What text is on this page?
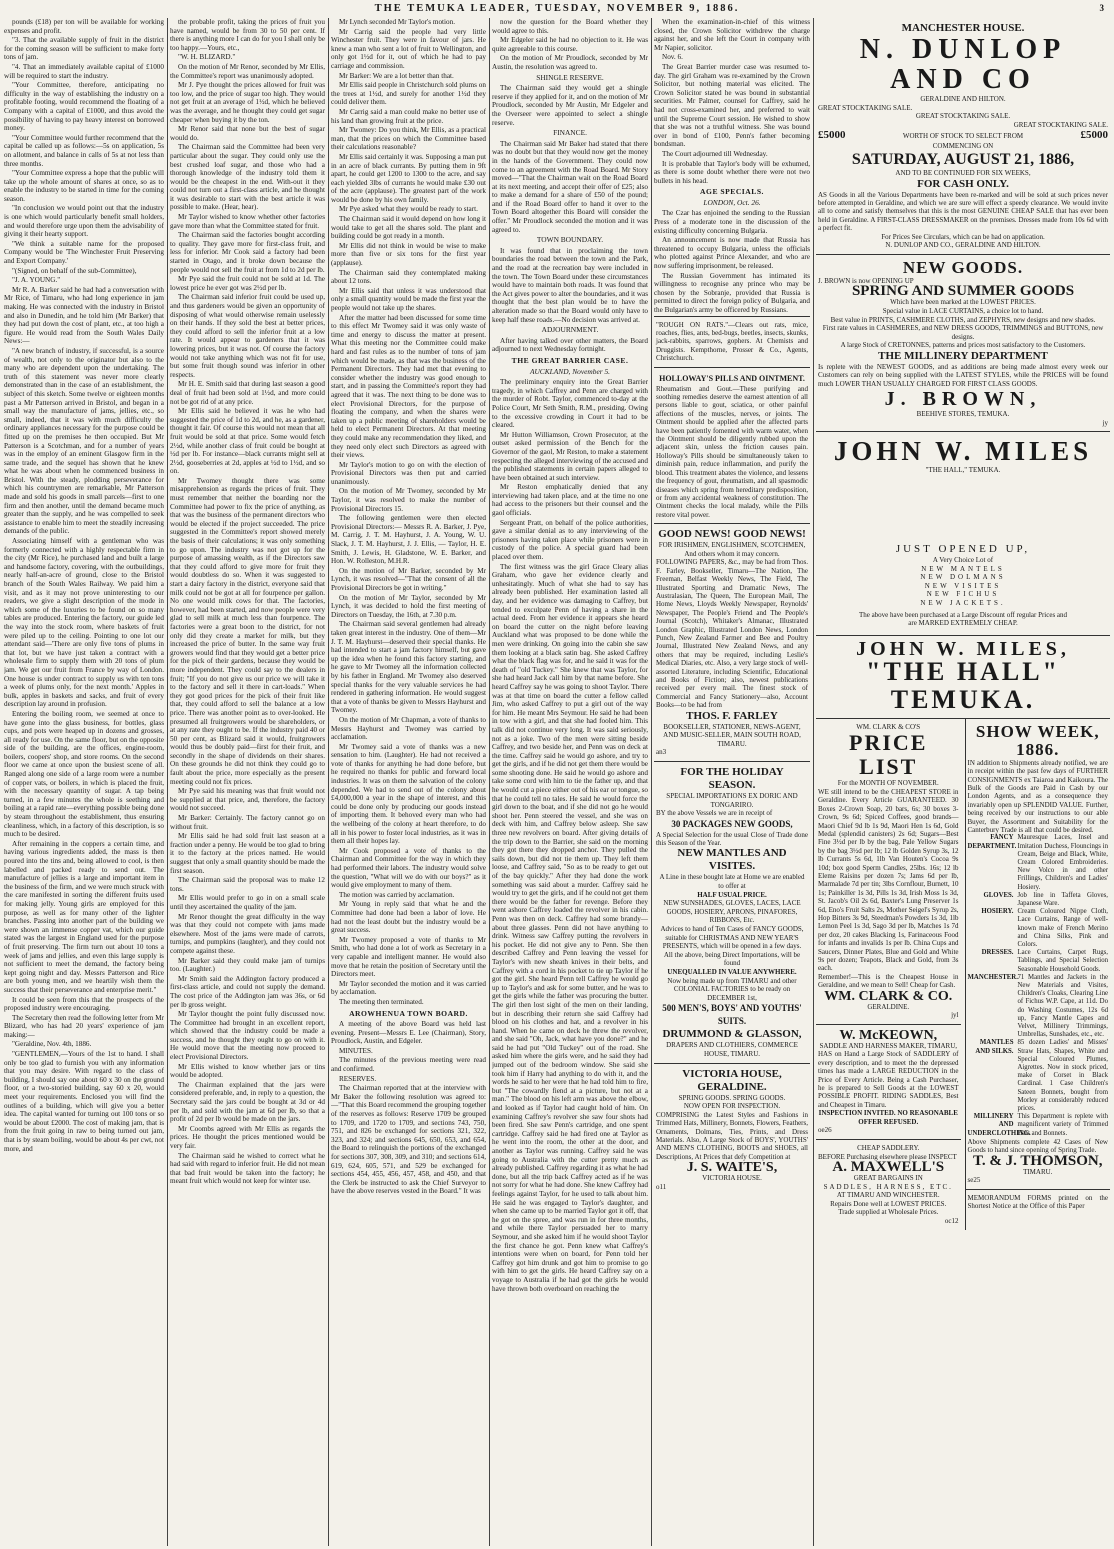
THE TEMUKA LEADER, TUESDAY, NOVEMBER 9, 1886.	3

pounds (£18) per ton will be available for working expenses and profit.

"3. That the available supply of fruit in the district for the coming season will be sufficient to make forty tons of jam.

"4. That an immediately available capital of £1000 will be required to start the industry.

"Your Committee, therefore, anticipating no difficulty in the way of establishing the industry on a profitable footing, would recommend the floating of a Company with a capital of £1000, and thus avoid the possibility of having to pay heavy interest on borrowed money.

"Your Committee would further recommend that the capital be called up as follows:—5s on application, 5s on allotment, and balance in calls of 5s at not less than three months.

"Your Committee express a hope that the public will take up the whole amount of shares at once, so as to enable the industry to be started in time for the coming season.

"In conclusion we would point out that the industry is one which would particularly benefit small holders, and would therefore urge upon them the advisability of giving it their hearty support.

"We think a suitable name for the proposed Company would be 'The Winchester Fruit Preserving and Export Company.'

"(Signed, on behalf of the sub-Committee),

"J. A. YOUNG."

Mr R. A. Barker said he had had a conversation with Mr Rice, of Timaru, who had long experience in jam making. He was connected with the industry in Bristol and also in Dunedin, and he told him (Mr Barker) that they had put down the cost of plant, etc., at too high a figure. He would read from the South Wales Daily News:—

"A new branch of industry, if successful, is a source of wealth, not only to the originator but also to the many who are dependent upon the undertaking. The truth of this statement was never more clearly demonstrated than in the case of an establishment, the subject of this sketch. Some twelve or eighteen months past a Mr Patterson arrived in Bristol, and began in a small way the manufacture of jams, jellies, etc., so small, indeed, that it was with much difficulty the ordinary appliances necessary for the purpose could be fitted up on the premises he then occupied. But Mr Patterson is a Scotchman, and for a number of years was in the employ of an eminent Glasgow firm in the same trade, and the sequel has shown that he knew what he was about when he commenced business in Bristol. With the steady, plodding perseverance for which his countrymen are remarkable, Mr Patterson made and sold his goods in small parcels—first to one firm and then another, until the demand became much greater than the supply, and he was compelled to seek assistance to enable him to meet the steadily increasing demands of the public.

Associating himself with a gentleman who was formerly connected with a highly respectable firm in the city (Mr Rice), he purchased land and built a large and handsome factory, covering, with the outbuildings, nearly half-an-acre of ground, close to the Bristol branch of the South Wales Railway. We paid him a visit, and as it may not prove uninteresting to our readers, we give a slight description of the mode in which some of the luxuries to be found on so many tables are produced. Entering the factory, our guide led the way into the stock room, where baskets of fruit were piled up to the ceiling. Pointing to one lot our attendant said—'There are only five tons of plums in that lot, but we have just taken a contract with a wholesale firm to supply them with 20 tons of plum jam. We get our fruit from France by way of London. One house is under contract to supply us with ten tons a week of plums only, for the next month.' Apples in bulk, apples in baskets and sacks, and fruit of every description lay around in profusion.

Entering the boiling room, we seemed at once to have gone into the glass business, for bottles, glass cups, and pots were heaped up in dozens and grosses, all ready for use. On the same floor, but on the opposite side of the building, are the offices, engine-room, boilers, coopers' shop, and store rooms. On the second floor we came at once upon the busiest scene of all. Ranged along one side of a large room were a number of copper vats, or boilers, in which is placed the fruit, with the necessary quantity of sugar. A tap being turned, in a few minutes the whole is seething and boiling at a rapid rate—everything possible being done by steam throughout the establishment, thus ensuring cleanliness, which, in a factory of this description, is so much to be desired.

After remaining in the coppers a certain time, and having various ingredients added, the mass is then poured into the tins and, being allowed to cool, is then labelled and packed ready to send out. The manufacture of jellies is a large and important item in the business of the firm, and we were much struck with the care manifested in sorting the different fruits used for making jelly. Young girls are employed for this purpose, as well as for many other of the lighter branches. Passing into another part of the building we were shown an immense copper vat, which our guide stated was the largest in England used for the purpose of fruit preserving. The firm turn out about 10 tons a week of jams and jellies, and even this large supply is not sufficient to meet the demand, the factory being kept going night and day. Messrs Patterson and Rice are both young men, and we heartily wish them the success that their perseverance and enterprise merit."

It could be seen from this that the prospects of the proposed industry were encouraging.

The Secretary then read the following letter from Mr Blizard, who has had 20 years' experience of jam making:—

"Geraldine, Nov. 4th, 1886.

"GENTLEMEN,—Yours of the 1st to hand. I shall only be too glad to furnish you with any information that you may desire. With regard to the class of building, I should say one about 60 x 30 on the ground floor, or a two-storied building, say 60 x 20, would meet your requirements. Enclosed you will find the outlines of a building, which will give you a better idea. The capital wanted for turning out 100 tons or so would be about £2000. The cost of making jam, that is from the fruit going in raw to being turned out jam, that is by steam boiling, would be about 4s per cwt, not more, and

the probable profit, taking the prices of fruit you have named, would be from 30 to 50 per cent. If there is anything more I can do for you I shall only be too happy.—Yours, etc.,

"W. H. BLIZARD."

On the motion of Mr Renor, seconded by Mr Ellis, the Committee's report was unanimously adopted.

Mr J. Pye thought the prices allowed for fruit was too low, and the price of sugar too high. They would not get fruit at an average of 1½d, which he believed was the average, and he thought they could get sugar cheaper when buying it by the ton.

Mr Renor said that none but the best of sugar would do.

The Chairman said the Committee had been very particular about the sugar. They could only use the best crushed loaf sugar, and those who had a thorough knowledge of the industry told them it would be the cheapest in the end. With-out it they could not turn out a first-class article, and he thought it was desirable to start with the best article it was possible to make. (Hear, hear).

Mr Taylor wished to know whether other factories gave more than what the Committee stated for fruit.

The Chairman said the factories bought according to quality. They gave more for first-class fruit, and less for inferior. Mr Cook said a factory had been started in Otago, and it broke down because the people would not sell the fruit at from 1d to 2d per lb.

Mr Pye said the fruit could not be sold at 1d. The lowest price he ever got was 2½d per lb.

The Chairman said inferior fruit could be used up, and thus gardeners would be given an opportunity of disposing of what would otherwise remain uselessly on their hands. If they sold the best at better prices, they could afford to sell the inferior fruit at a low rate. It would appear to gardeners that it was lowering prices, but it was not. Of course the factory would not take anything which was not fit for use, but some fruit though sound was inferior in other respects.

Mr H. E. Smith said that during last season a good deal of fruit had been sold at 1½d, and more could not be got rid of at any price.

Mr Ellis said he believed it was he who had suggested the price of 1d to 2d, and he, as a gardener, thought it fair. Of course this would not mean that all fruit would be sold at that price. Some would fetch 2½d, while another class of fruit could be bought at ½d per lb. For instance—black currants might sell at 2½d, gooseberries at 2d, apples at ½d to 1½d, and so on.

Mr Twomey thought there was some misapprehension as regards the prices of fruit. They must remember that neither the boarding nor the Committee had power to fix the price of anything, as that was the business of the permanent directors who would be elected if the project succeeded. The price suggested in the Committee's report showed merely the basis of their calculations; it was only something to go upon. The industry was not got up for the purpose of amassing wealth, as if the Directors saw that they could afford to give more for fruit they would doubtless do so. When it was suggested to start a dairy factory in the district, everyone said that milk could not be got at all for fourpence per gallon. No one would milk cows for that. The factories, however, had been started, and now people were very glad to sell milk at much less than fourpence. The factories were a great boon to the district, for not only did they create a market for milk, but they increased the price of butter. In the same way fruit growers would find that they would get a better price for the pick of their gardens, because they would be more independent. They could say to the dealers in fruit; "If you do not give us our price we will take it to the factory and sell it there in cart-loads." When they got good prices for the pick of their fruit like that, they could afford to sell the balance at a low price. There was another point as to over-looked. He presumed all fruitgrowers would be shareholders, or at any rate they ought to be. If the industry paid 40 or 50 per cent, as Blizard said it would, fruitgrowers would thus be doubly paid—first for their fruit, and secondly in the shape of dividends on their shares. On these grounds he did not think they could go to fault about the price, more especially as the present meeting could not fix prices.

Mr Pye said his meaning was that fruit would not be supplied at that price, and, therefore, the factory would not succeed.

Mr Barker: Certainly. The factory cannot go on without fruit.

Mr Ellis said he had sold fruit last season at a fraction under a penny. He would be too glad to bring it to the factory at the prices named. He would suggest that only a small quantity should be made the first season.

The Chairman said the proposal was to make 12 tons.

Mr Ellis would prefer to go in on a small scale until they ascertained the quality of the jam.

Mr Renor thought the great difficulty in the way was that they could not compete with jams made elsewhere. Most of the jams were made of carrots, turnips, and pumpkins (laughter), and they could not compete against these.

Mr Barker said they could make jam of turnips too. (Laughter.)

Mr Smith said the Addington factory produced a first-class article, and could not supply the demand. The cost price of the Addington jam was 36s, or 6d per lb gross weight.

Mr Taylor thought the point fully discussed now. The Committee had brought in an excellent report, which showed that the industry could be made a success, and he thought they ought to go on with it. He would move that the meeting now proceed to elect Provisional Directors.

Mr Ellis wished to know whether jars or tins would be adopted.

The Chairman explained that the jars were considered preferable, and, in reply to a question, the Secretary said the jars could be bought at 3d or 4d per lb, and sold with the jam at 6d per lb, so that a profit of 2d per lb would be made on the jars.

Mr Coombs agreed with Mr Ellis as regards the prices. He thought the prices mentioned would be very fair.

The Chairman said he wished to correct what he had said with regard to inferior fruit. He did not mean that bad fruit would be taken into the factory; he meant fruit which would not keep for winter use.

Mr Lynch seconded Mr Taylor's motion.

Mr Carrig said the people had very little Winchester fruit. They were in favour of jars. He knew a man who sent a lot of fruit to Wellington, and only got 1½d for it, out of which he had to pay carriage and commission.

Mr Barker: We are a lot better than that.

Mr Ellis said people in Christchurch sold plums on the trees at 1½d, and surely for another 1½d they could deliver them.

Mr Carrig said a man could make no better use of his land than growing fruit at the price.

Mr Twomey: Do you think, Mr Ellis, as a practical man, that the prices on which the Committee based their calculations reasonable?

Mr Ellis said certainly it was. Supposing a man put in an acre of black currants. By putting them in 9ft apart, he could get 1200 to 1300 to the acre, and say each yielded 3lbs of currants he would make £30 out of the acre (applause). The greatest part of the work would be done by his own family.

Mr Pye asked what they would be ready to start.

The Chairman said it would depend on how long it would take to get all the shares sold. The plant and building could be got ready in a month.

Mr Ellis did not think in would be wise to make more than five or six tons for the first year (applause).

The Chairman said they contemplated making about 12 tons.

Mr Ellis said that unless it was understood that only a small quantity would be made the first year the people would not take up the shares.

After the matter had been discussed for some time to this effect Mr Twomey said it was only waste of time and energy to discuss the matter at present. What this meeting nor the Committee could make hard and fast rules as to the number of tons of jam which would be made, as that was the business of the Permanent Directors. They had met that evening to consider whether the industry was good enough to start, and in passing the Committee's report they had agreed that it was. The next thing to be done was to elect Provisional Directors, for the purpose of floating the company, and when the shares were taken up a public meeting of shareholders would be held to elect Permanent Directors. At that meeting they could make any recommendation they liked, and they need only elect such Directors as agreed with their views.

Mr Taylor's motion to go on with the election of Provisional Directors was then put and carried unanimously.

On the motion of Mr Twomey, seconded by Mr Taylor, it was resolved to make the number of Provisional Directors 15.

The following gentlemen were then elected Provisional Directors:— Messrs R. A. Barker, J. Pye, M. Carrig, J. T. M. Hayhurst, J. A. Young, W. U. Slack, J. T. M. Hayhurst, J. J. Ellis, — Taylor, H. E. Smith, J. Lewis, H. Gladstone, W. E. Barker, and Hon. W. Rolleston, M.H.R.

On the motion of Mr Barker, seconded by Mr Lynch, it was resolved—"That the consent of all the Provisional Directors be got in writing."

On the motion of Mr Taylor, seconded by Mr Lynch, it was decided to hold the first meeting of Directors on Tuesday, the 16th, at 7.30 p.m.

The Chairman said several gentlemen had already taken great interest in the industry. One of them—Mr J. T. M. Hayhurst—deserved their special thanks. He had intended to start a jam factory himself, but gave up the idea when he found this factory starting, and he gave to Mr Twomey all the information collected by his father in England. Mr Twomey also deserved special thanks for the very valuable services he had rendered in gathering information. He would suggest that a vote of thanks be given to Messrs Hayhurst and Twomey.

On the motion of Mr Chapman, a vote of thanks to Messrs Hayhurst and Twomey was carried by acclamation.

Mr Twomey said a vote of thanks was a new sensation to him. (Laughter). He had not received a vote of thanks for anything he had done before, but he required no thanks for public and forward local industries. It was on them the salvation of the colony depended. We had to send out of the colony about £4,000,000 a year in the shape of interest, and this could be done only by producing our goods instead of importing them. It behoved every man who had the wellbeing of the colony at heart therefore, to do all in his power to foster local industries, as it was in them all their hopes lay.

Mr Cook proposed a vote of thanks to the Chairman and Committee for the way in which they had performed their labors. The industry would solve the question, "What will we do with our boys?" as it would give employment to many of them.

The motion was carried by acclamation.

Mr Young in reply said that what he and the Committee had done had been a labor of love. He had not the least doubt but the industry would be a great success.

Mr Twomey proposed a vote of thanks to Mr Smith, who had done a lot of work as Secretary in a very capable and intelligent manner. He would also move that he retain the position of Secretary until the Directors meet.

Mr Taylor seconded the motion and it was carried by acclamation.

The meeting then terminated.

AROWHENUA TOWN BOARD.

A meeting of the above Board was held last evening. Present—Messrs E. Lee (Chairman), Story, Proudlock, Austin, and Edgeler.

MINUTES.

The minutes of the previous meeting were read and confirmed.

RESERVES.

The Chairman reported that at the interview with Mr Baker the following resolution was agreed to:—"That this Board recommend the grouping together of the reserves as follows: Reserve 1709 be grouped to 1709, and 1720 to 1709, and sections 743, 750, 751, and 826 be exchanged for sections 321, 322, 323, and 324; and sections 645, 650, 653, and 654, the Board to relinquish the portions of the exchanged for sections 307, 308, 309, and 310; and sections 614, 619, 624, 605, 571, and 529 be exchanged for sections 454, 455, 456, 457, 458, and 450, and that the Clerk be instructed to ask the Chief Surveyor to have the above reserves vested in the Board." It was

now the question for the Board whether they would agree to this.

Mr Edgeler said he had no objection to it. He was quite agreeable to this course.

On the motion of Mr Proudlock, seconded by Mr Austin, the resolution was agreed to.

SHINGLE RESERVE.

The Chairman said they would get a shingle reserve if they applied for it, and on the motion of Mr Proudlock, seconded by Mr Austin, Mr Edgeler and the Overseer were appointed to select a shingle reserve.

FINANCE.

The Chairman said Mr Baker had stated that there was no doubt but that they would now get the money in the hands of the Government. They could now come to an agreement with the Road Board. Mr Story moved—"That the Chairman wait on the Road Board at its next meeting, and accept their offer of £25; also to make a demand for a share of £50 of the pound; and if the Road Board offer to hand it over to the Town Board altogether this Board will consider the offer." Mr Proudlock seconded the motion and it was agreed to.

TOWN BOUNDARY.

It was found that in proclaiming the town boundaries the road between the town and the Park, and the road at the recreation bay were included in the town. The Town Board under these circumstances would have to maintain both roads. It was found that the Act gives power to alter the boundaries, and it was thought that the best plan would be to have the alteration made so that the Board would only have to keep half these roads.—No decision was arrived at.

ADJOURNMENT.

After having talked over other matters, the Board adjourned to next Wednesday fortnight.

THE GREAT BARRIER CASE.
AUCKLAND, November 5.

The preliminary enquiry into the Great Barrier tragedy, in which Caffrey and Penn are charged with the murder of Robt. Taylor, commenced to-day at the Police Court, Mr Seth Smith, R.M., presiding. Owing to the excessive crowding in Court it had to be cleared.

Mr Hutton Williamson, Crown Prosecutor, at the outset asked permission of the Bench for the Governor of the gaol, Mr Reston, to make a statement respecting the alleged interviewing of the accused and the published statements in certain papers alleged to have been obtained at such interview.

Mr Reston emphatically denied that any interviewing had taken place, and at the time no one had access to the prisoners but their counsel and the gaol officials.

Sergeant Pratt, on behalf of the police authorities, gave a similar denial as to any interviewing of the prisoners having taken place while prisoners were in custody of the police. A special guard had been placed over them.

The first witness was the girl Grace Cleary alias Graham, who gave her evidence clearly and unhesitatingly. Much of what she had to say has already been published. Her examination lasted all day, and her evidence was damaging to Caffrey, but tended to exculpate Penn of having a share in the actual deed. From her evidence it appears she heard on board the cutter on the night before leaving Auckland what was proposed to be done while the men were drinking. On going into the cabin she saw them looking at a black satin bag. She asked Caffrey what the black flag was for, and he said it was for the death of "old Tuckey." She knew that was Taylor, for she had heard Jack call him by that name before. She heard Caffrey say he was going to shoot Taylor. There was at that time on board the cutter a fellow called Jim, who asked Caffrey to put a girl out of the way for him. He meant Mrs Seymour. He said he had been in tow with a girl, and that she had fooled him. This talk did not continue very long. It was said seriously, not as a joke. Two of the men were sitting beside Caffrey, and two beside her, and Penn was on deck at the time. Caffrey said he would go ashore, and try to get the girls, and if he did not get them there would be some shooting done. He said he would go ashore and take some cord with him to tie the father up, and that he would cut a piece either out of his ear or tongue, so that he could tell no tales. He said he would force the girl down to the boat, and if she did not go he would shoot her. Penn steered the vessel, and she was on deck with him, and Caffrey below asleep. She saw three new revolvers on board. After giving details of the trip down to the Barrier, she said on the morning they got there they dropped anchor. They pulled the sails down, but did not tie them up. They left them loose, and Caffrey said, "So as to be ready to get out of the bay quickly." After they had done the work something was said about a murder. Caffrey said he would try to get the girls, and if he could not get them there would be the father for revenge. Before they went ashore Caffrey loaded the revolver in his cabin. Penn was then on deck. Caffrey had some brandy—about three glasses. Penn did not have anything to drink. Witness saw Caffrey putting the revolvers in his pocket. He did not give any to Penn. She then described Caffrey and Penn leaving the vessel for Taylor's with new sheath knives in their belts, and Caffrey with a cord in his pocket to tie up Taylor if he got the girl. She heard Penn tell Caffrey he would go up to Taylor's and ask for some butter, and he was to get the girls while the father was procuring the butter. The girl then lost sight of the men on their landing, but in describing their return she said Caffrey had blood on his clothes and hat, and a revolver in his hand. When he came on deck he threw the revolver, and she said "Oh, Jack, what have you done?" and he said he had put "Old Tuckey" out of the road. She asked him where the girls were, and he said they had jumped out of the bedroom window. She said she took him if Harry had anything to do with it, and the words he said to her were that he had told him to fire, but "The cowardly fiend at a picture, but not at a man." The blood on his left arm was above the elbow, and looked as if Taylor had caught hold of him. On examining Caffrey's revolver she saw four shots had been fired. She saw Penn's cartridge, and one spent cartridge. Caffrey said he had fired one at Taylor as he went into the room, the other at the door, and another as Taylor was running. Caffrey said he was going to Australia with the cutter pretty much as already published. Caffrey regarding it as what he had done, but all the trip back Caffrey acted as if he was not sorry for what he had done. She knew Caffrey had feelings against Taylor, for he used to talk about him. He said he was engaged to Taylor's daughter, and when she came up to be married Taylor got it off, that he got on the spree, and was run in for three months, and while there Taylor persuaded her to marry Seymour, and she asked him if he would shoot Taylor the first chance he got. Penn knew what Caffrey's intentions were when on board, for Penn told her Caffrey got him drunk and got him to promise to go with him to get the girls. He heard Caffrey say on a voyage to Australia if he had got the girls he would have thrown both overboard on reaching the

When the examination-in-chief of this witness closed, the Crown Solicitor withdrew the charge against her, and she left the Court in company with Mr Napier, solicitor.

Nov. 6.

The Great Barrier murder case was resumed to-day. The girl Graham was re-examined by the Crown Solicitor, but nothing material was elicited. The Crown Solicitor stated he was bound in substantial securities. Mr Palmer, counsel for Caffrey, said he had not cross-examined her, and preferred to wait until the Supreme Court session. He wished to show that she was not a truthful witness. She was bound over in bond of £100, Penn's father becoming bondsman.

The Court adjourned till Wednesday.

It is probable that Taylor's body will be exhumed, as there is some doubt whether there were not two bullets in his head.

AGE SPECIALS.
LONDON, Oct. 26.

The Czar has enjoined the sending to the Russian Press of a moderate tone in the discussion of the existing difficulty concerning Bulgaria.

An announcement is now made that Russia has threatened to occupy Bulgaria, unless the officials who plotted against Prince Alexander, and who are now suffering imprisonment, be released.

The Russian Government has intimated its willingness to recognise any prince who may be chosen by the Sobranje, provided that Russia is permitted to direct the foreign policy of Bulgaria, and the Bulgarian's army be officered by Russians.

"ROUGH ON RATS."—Clears out rats, mice, roaches, flies, ants, bed-bugs, beetles, insects, skunks, jack-rabbits, sparrows, gophers. At Chemists and Druggists. Kempthorne, Prosser & Co., Agents, Christchurch.
HOLLOWAY'S PILLS AND OINTMENT.
Rheumatism and Gout.—These purifying and soothing remedies deserve the earnest attention of all persons liable to gout, sciatica, or other painful affections of the muscles, nerves, or joints. The Ointment should be applied after the affected parts have been patiently fomented with warm water, when the Ointment should be diligently rubbed upon the adjacent skin, unless the friction causes pain. Holloway's Pills should be simultaneously taken to diminish pain, reduce inflammation, and purify the blood. This treatment abates the violence, and lessens the frequency of gout, rheumatism, and all spasmodic diseases which spring from hereditary predisposition, or from any accidental weakness of constitution. The Ointment checks the local malady, while the Pills restore vital power.
GOOD NEWS! GOOD NEWS!
FOR IRISHMEN, ENGLISHMEN, SCOTCHMEN, And others whom it may concern.
FOLLOWING PAPERS, &c., may be had from Thos. F. Farley, Bookseller, Timaru—The Nation, The Freeman, Belfast Weekly News, The Field, The Illustrated Sporting and Dramatic News, The Australasian, The Queen, The European Mail, The Home News, Lloyds Weekly Newspaper, Reynolds' Newspaper, The People's Friend and The People's Journal (Scotch), Whitaker's Almanac, Illustrated London Graphic, Illustrated London News, London Punch, New Zealand Farmer and Bee and Poultry Journal, Illustrated New Zealand News, and any others that may be required, including Leslie's Medical Diaries, etc. Also, a very large stock of well-assorted Literature, including Scientific, Educational and Books of Fiction; also, newest publications received per every mail. The finest stock of Commercial and Fancy Stationery—also, Account Books—to be had from
THOS. F. FARLEY
BOOKSELLER, STATIONER, NEWS-AGENT, AND MUSIC-SELLER, MAIN SOUTH ROAD, TIMARU.
an3
FOR THE HOLIDAY SEASON.
SPECIAL IMPORTATIONS EX DORIC AND TONGARIRO.
BY the above Vessels we are in receipt of
30 PACKAGES NEW GOODS,
A Special Selection for the usual Close of Trade done this Season of the Year.
NEW MANTLES AND VISITES.
A Line in these bought late at Home we are enabled to offer at
HALF USUAL PRICE.
NEW SUNSHADES, GLOVES, LACES, LACE GOODS, HOSIERY, APRONS, PINAFORES, RIBBONS, Etc.
Advices to hand of Ten Cases of FANCY GOODS, suitable for CHRISTMAS AND NEW YEAR'S PRESENTS, which will be opened in a few days.
All the above, being Direct Importations, will be found
UNEQUALLED IN VALUE ANYWHERE.
Now being made up from TIMARU and other COLONIAL FACTORIES to be ready on DECEMBER 1st,
500 MEN'S, BOYS' AND YOUTHS' SUITS.
DRUMMOND & GLASSON,
DRAPERS AND CLOTHIERS, COMMERCE HOUSE, TIMARU.
VICTORIA HOUSE, GERALDINE.
SPRING GOODS. SPRING GOODS.
NOW OPEN FOR INSPECTION.
COMPRISING the Latest Styles and Fashions in Trimmed Hats, Millinery, Bonnets, Flowers, Feathers, Ornaments, Dolmans, Ties, Prints, and Dress Materials. Also, A Large Stock of BOYS', YOUTHS' AND MEN'S CLOTHING, BOOTS and SHOES, all Descriptions, At Prices that defy Competition at
J. S. WAITE'S,
VICTORIA HOUSE.
o11
MANCHESTER HOUSE.
N. DUNLOP AND CO
GERALDINE AND HILTON.
GREAT STOCKTAKING SALE.
GREAT STOCKTAKING SALE.
GREAT STOCKTAKING SALE.
£5000	WORTH OF STOCK TO SELECT FROM	£5000
COMMENCING ON
SATURDAY, AUGUST 21, 1886,
AND TO BE CONTINUED FOR SIX WEEKS,
FOR CASH ONLY.
AS Goods in all the Various Departments have been re-marked and will be sold at such prices never before attempted in Geraldine, and which we are sure will effect a speedy clearance. We would invite all to come and satisfy themselves that this is the most GENUINE CHEAP SALE that has ever been held in Geraldine. A FIRST-CLASS DRESSMAKER on the premises. Dresses made from 10s 6d with a perfect fit.
For Prices See Circulars, which can be had on application.
N. DUNLOP AND CO., GERALDINE AND HILTON.
NEW GOODS.
J. BROWN is now OPENING UP
SPRING AND SUMMER GOODS
Which have been marked at the LOWEST PRICES.
Special value in LACE CURTAINS, a choice lot to hand.
Best value in PRINTS, CASHMERE CLOTHS, and ZEPHYRS, new designs and new shades.
First rate values in CASHMERES, and NEW DRESS GOODS, TRIMMINGS and BUTTONS, new designs.
A large Stock of CRETONNES, patterns and prices most satisfactory to the Customers.
THE MILLINERY DEPARTMENT
Is replete with the NEWEST GOODS, and as additions are being made almost every week our Customers can rely on being supplied with the LATEST STYLES, while the PRICES will be found much LOWER THAN USUALLY CHARGED FOR FIRST CLASS GOODS.
J. BROWN,
BEEHIVE STORES, TEMUKA.
jy
JOHN W. MILES
"THE HALL," TEMUKA.
JUST OPENED UP,
A Very Choice Lot of
NEW MANTELS
NEW DOLMANS
NEW VISITES
NEW FICHUS
NEW JACKETS.
The above have been purchased at a Large Discount off regular Prices and are MARKED EXTREMELY CHEAP.
JOHN W. MILES,
"THE HALL" TEMUKA.
WM. CLARK & CO'S
PRICE LIST
For the MONTH OF NOVEMBER.
WE still intend to be the CHEAPEST STORE in Geraldine. Every Article GUARANTEED. 30 Boxes 2-Crown Soap, 20 bars, 6s; 30 boxes 3-Crown, 9s 6d; Spiced Coffees, good brands—Maori Chief 9d lb 1s 9d, Maori Hen 1s 6d, Gold Medal (splendid canisters) 2s 6d; Sugars—Best Fine 3½d per lb by the bag, Pale Yellow Sugars by the bag 3½d per lb; 12 lb Golden Syrup 3s, 12 lb Currants 5s 6d, 1lb Van Houten's Cocoa 9s 10d; box good Sperm Candles, 25lbs. 16s; 12 lb Eleme Raisins per dozen 7s; Jams 6d per lb, Marmalade 7d per tin; 3lbs Cornflour, Burnett, 10 1s; Painkiller 1s 3d, Pills 1s 3d, Irish Moss 1s 3d, St. Jacob's Oil 2s 6d, Baxter's Lung Preserver 1s 6d, Eno's Fruit Salts 2s, Mother Seigel's Syrup 2s, Hop Bitters 3s 9d, Steedman's Powders 1s 3d, 1lb Lemon Peel 1s 3d, Sago 3d per lb, Matches 1s 7d per doz, 20 cakes Blacking 1s, Farinaceous Food for infants and invalids 1s per lb. China Cups and Saucers, Dinner Plates, Blue and Gold and White 9s per dozen; Teapots, Black and Gold, from 3s each.
Remember!—This is the Cheapest House in Geraldine, and we mean to Sell! Cheap for Cash.
WM. CLARK & CO.
GERALDINE.
jyl
W. McKEOWN,
SADDLE AND HARNESS MAKER, TIMARU,
HAS on Hand a Large Stock of SADDLERY of every description, and to meet the the depressed times has made a LARGE REDUCTION in the Price of Every Article. Being a Cash Purchaser, he is prepared to Sell Goods at the LOWEST POSSIBLE PROFIT. RIDING SADDLES, Best and Cheapest in Timaru.
INSPECTION INVITED. NO REASONABLE OFFER REFUSED.
oe26
CHEAP SADDLERY.
BEFORE Purchasing elsewhere please INSPECT
A. MAXWELL'S
GREAT BARGAINS IN
SADDLES, HARNESS, ETC.
AT TIMARU AND WINCHESTER.
Repairs Done well at LOWEST PRICES.
Trade supplied at Wholesale Prices.
oc12
SHOW WEEK,
1886.
IN addition to Shipments already notified, we are in receipt within the past few days of FURTHER CONSIGNMENTS ex Taiaroa and Kaikoura. The Bulk of the Goods are Paid in Cash by our London Agents, and as a consequence they invariably open up SPLENDID VALUE. Further, being received by our instructions to our able Buyer, the Assortment and Suitability for the Canterbury Trade is all that could be desired.
FANCY DEPARTMENT.
Mauresque Laces, Insel and Imitation Duchess, Flouncings in Cream, Beige and Black, White, Cream Colored Embroideries. New Volco in and other Frillings, Children's and Ladies' Hosiery.
GLOVES. Job line in Taffeta Gloves, Japanese Ware.
HOSIERY. Cream Coloured Nippe Cloth, Lace Curtains, Range of well-known make of French Merino and China Silks, Pink and Colors.
DRESSES. Lace Curtains, Carpet Rugs, Tablings, and Special Selection Seasonable Household Goods.
MANCHESTER. 71 Mantles and Jackets in the New Materials and Visites, Children's Cloaks, Clearing Line of Fichus W.P. Cape, at 11d. Do do Washing Costumes, 12s 6d up, Fancy Mantle Capes and Velvet, Millinery Trimmings, Umbrellas, Sunshades, etc., etc.
MANTLES AND SILKS.
85 dozen Ladies' and Misses' Straw Hats, Shapes, White and Special Coloured Plumes, Aigrettes. Now in stock priced, make of Corset in Black Cardinal. 1 Case Children's Sateen Bonnets, bought from Morley at considerably reduced prices.
MILLINERY AND UNDERCLOTHING.
This Department is replete with magnificent variety of Trimmed Hats and Bonnets.
Above Shipments complete 42 Cases of New Goods to hand since opening of Spring Trade.
T. & J. THOMSON,
TIMARU.
se25
MEMORANDUM FORMS printed on the Shortest Notice at the Office of this Paper
